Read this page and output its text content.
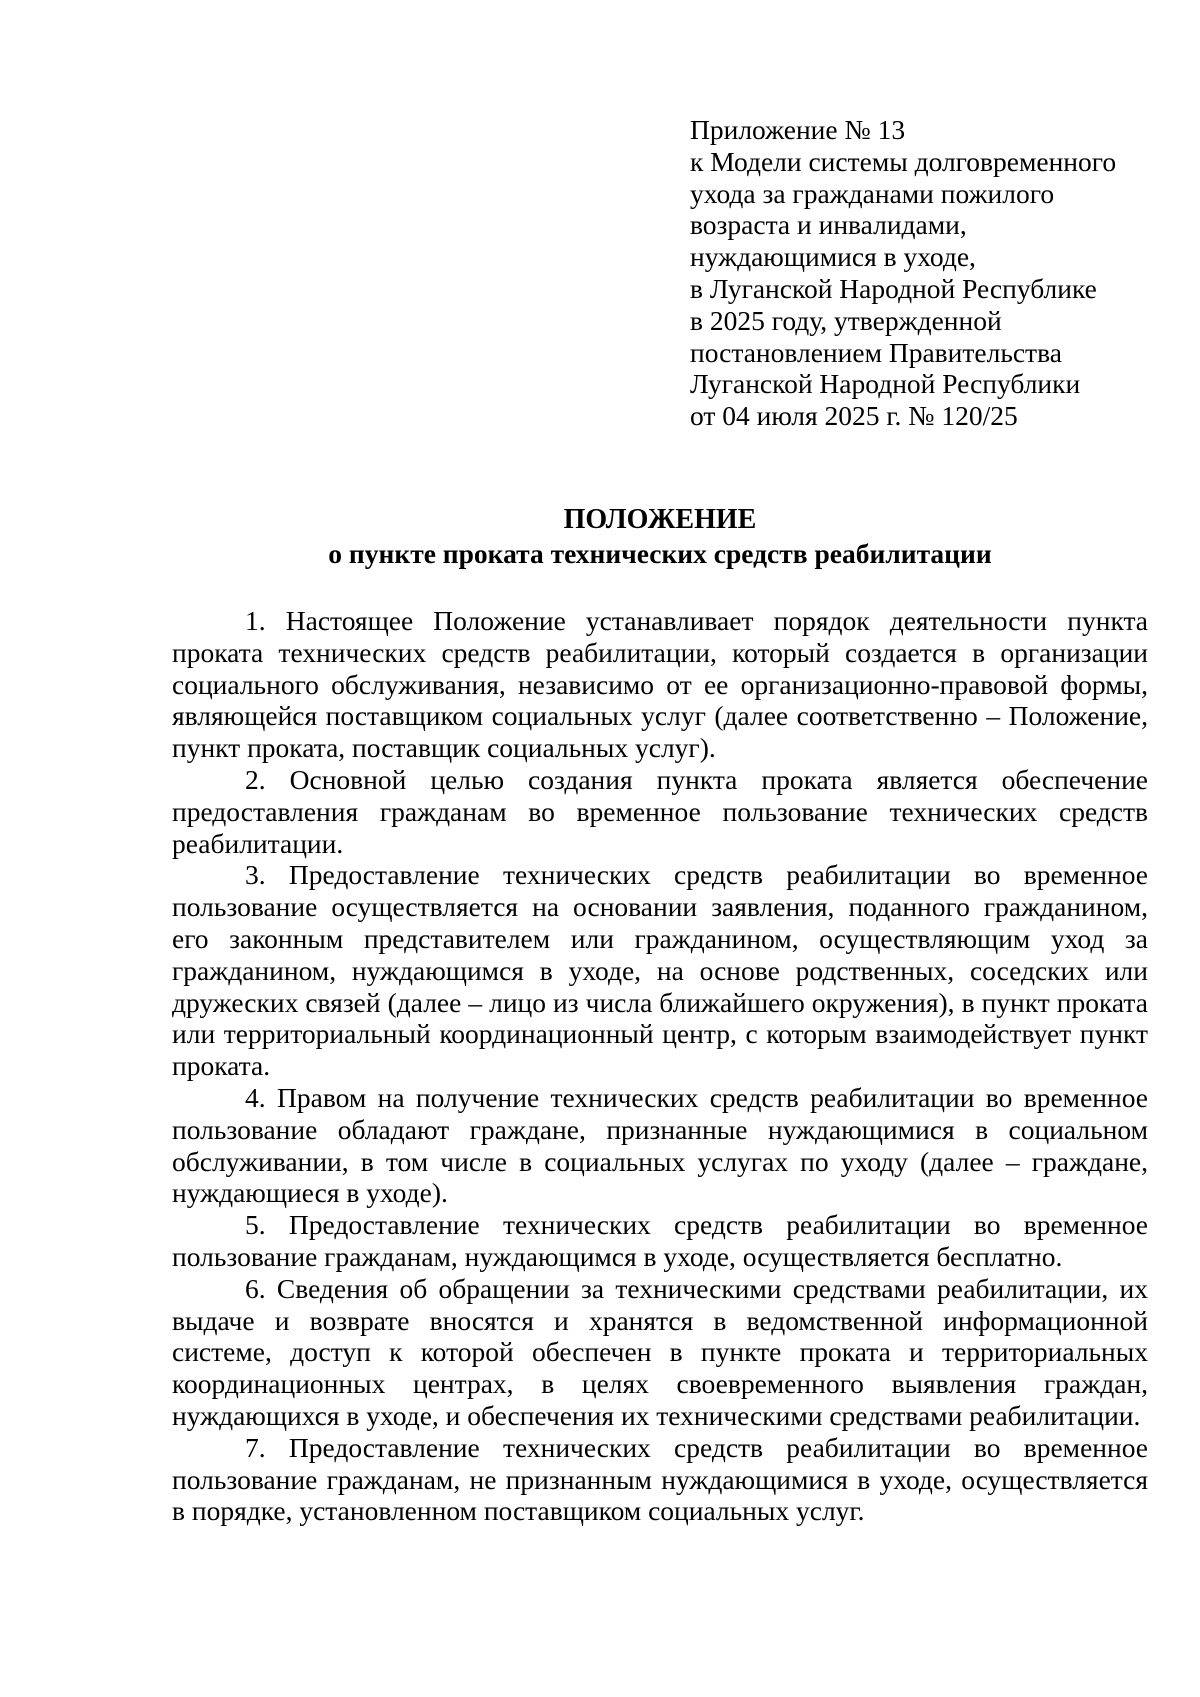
Приложение № 13
к Модели системы долговременного
ухода за гражданами пожилого
возраста и инвалидами,
нуждающимися в уходе,
в Луганской Народной Республике
в 2025 году, утвержденной
постановлением Правительства
Луганской Народной Республики
от 04 июля 2025 г. № 120/25
ПОЛОЖЕНИЕ
о пункте проката технических средств реабилитации

1. Настоящее Положение устанавливает порядок деятельности пункта проката технических средств реабилитации, который создается в организации социального обслуживания, независимо от ее организационно-правовой формы, являющейся поставщиком социальных услуг (далее соответственно – Положение, пункт проката, поставщик социальных услуг).

2. Основной целью создания пункта проката является обеспечение предоставления гражданам во временное пользование технических средств реабилитации.

3. Предоставление технических средств реабилитации во временное пользование осуществляется на основании заявления, поданного гражданином, его законным представителем или гражданином, осуществляющим уход за гражданином, нуждающимся в уходе, на основе родственных, соседских или дружеских связей (далее – лицо из числа ближайшего окружения), в пункт проката или территориальный координационный центр, с которым взаимодействует пункт проката.

4. Правом на получение технических средств реабилитации во временное пользование обладают граждане, признанные нуждающимися в социальном обслуживании, в том числе в социальных услугах по уходу (далее – граждане, нуждающиеся в уходе).

5. Предоставление технических средств реабилитации во временное пользование гражданам, нуждающимся в уходе, осуществляется бесплатно.

6. Сведения об обращении за техническими средствами реабилитации, их выдаче и возврате вносятся и хранятся в ведомственной информационной системе, доступ к которой обеспечен в пункте проката и территориальных координационных центрах, в целях своевременного выявления граждан, нуждающихся в уходе, и обеспечения их техническими средствами реабилитации.

7. Предоставление технических средств реабилитации во временное пользование гражданам, не признанным нуждающимися в уходе, осуществляется в порядке, установленном поставщиком социальных услуг.
